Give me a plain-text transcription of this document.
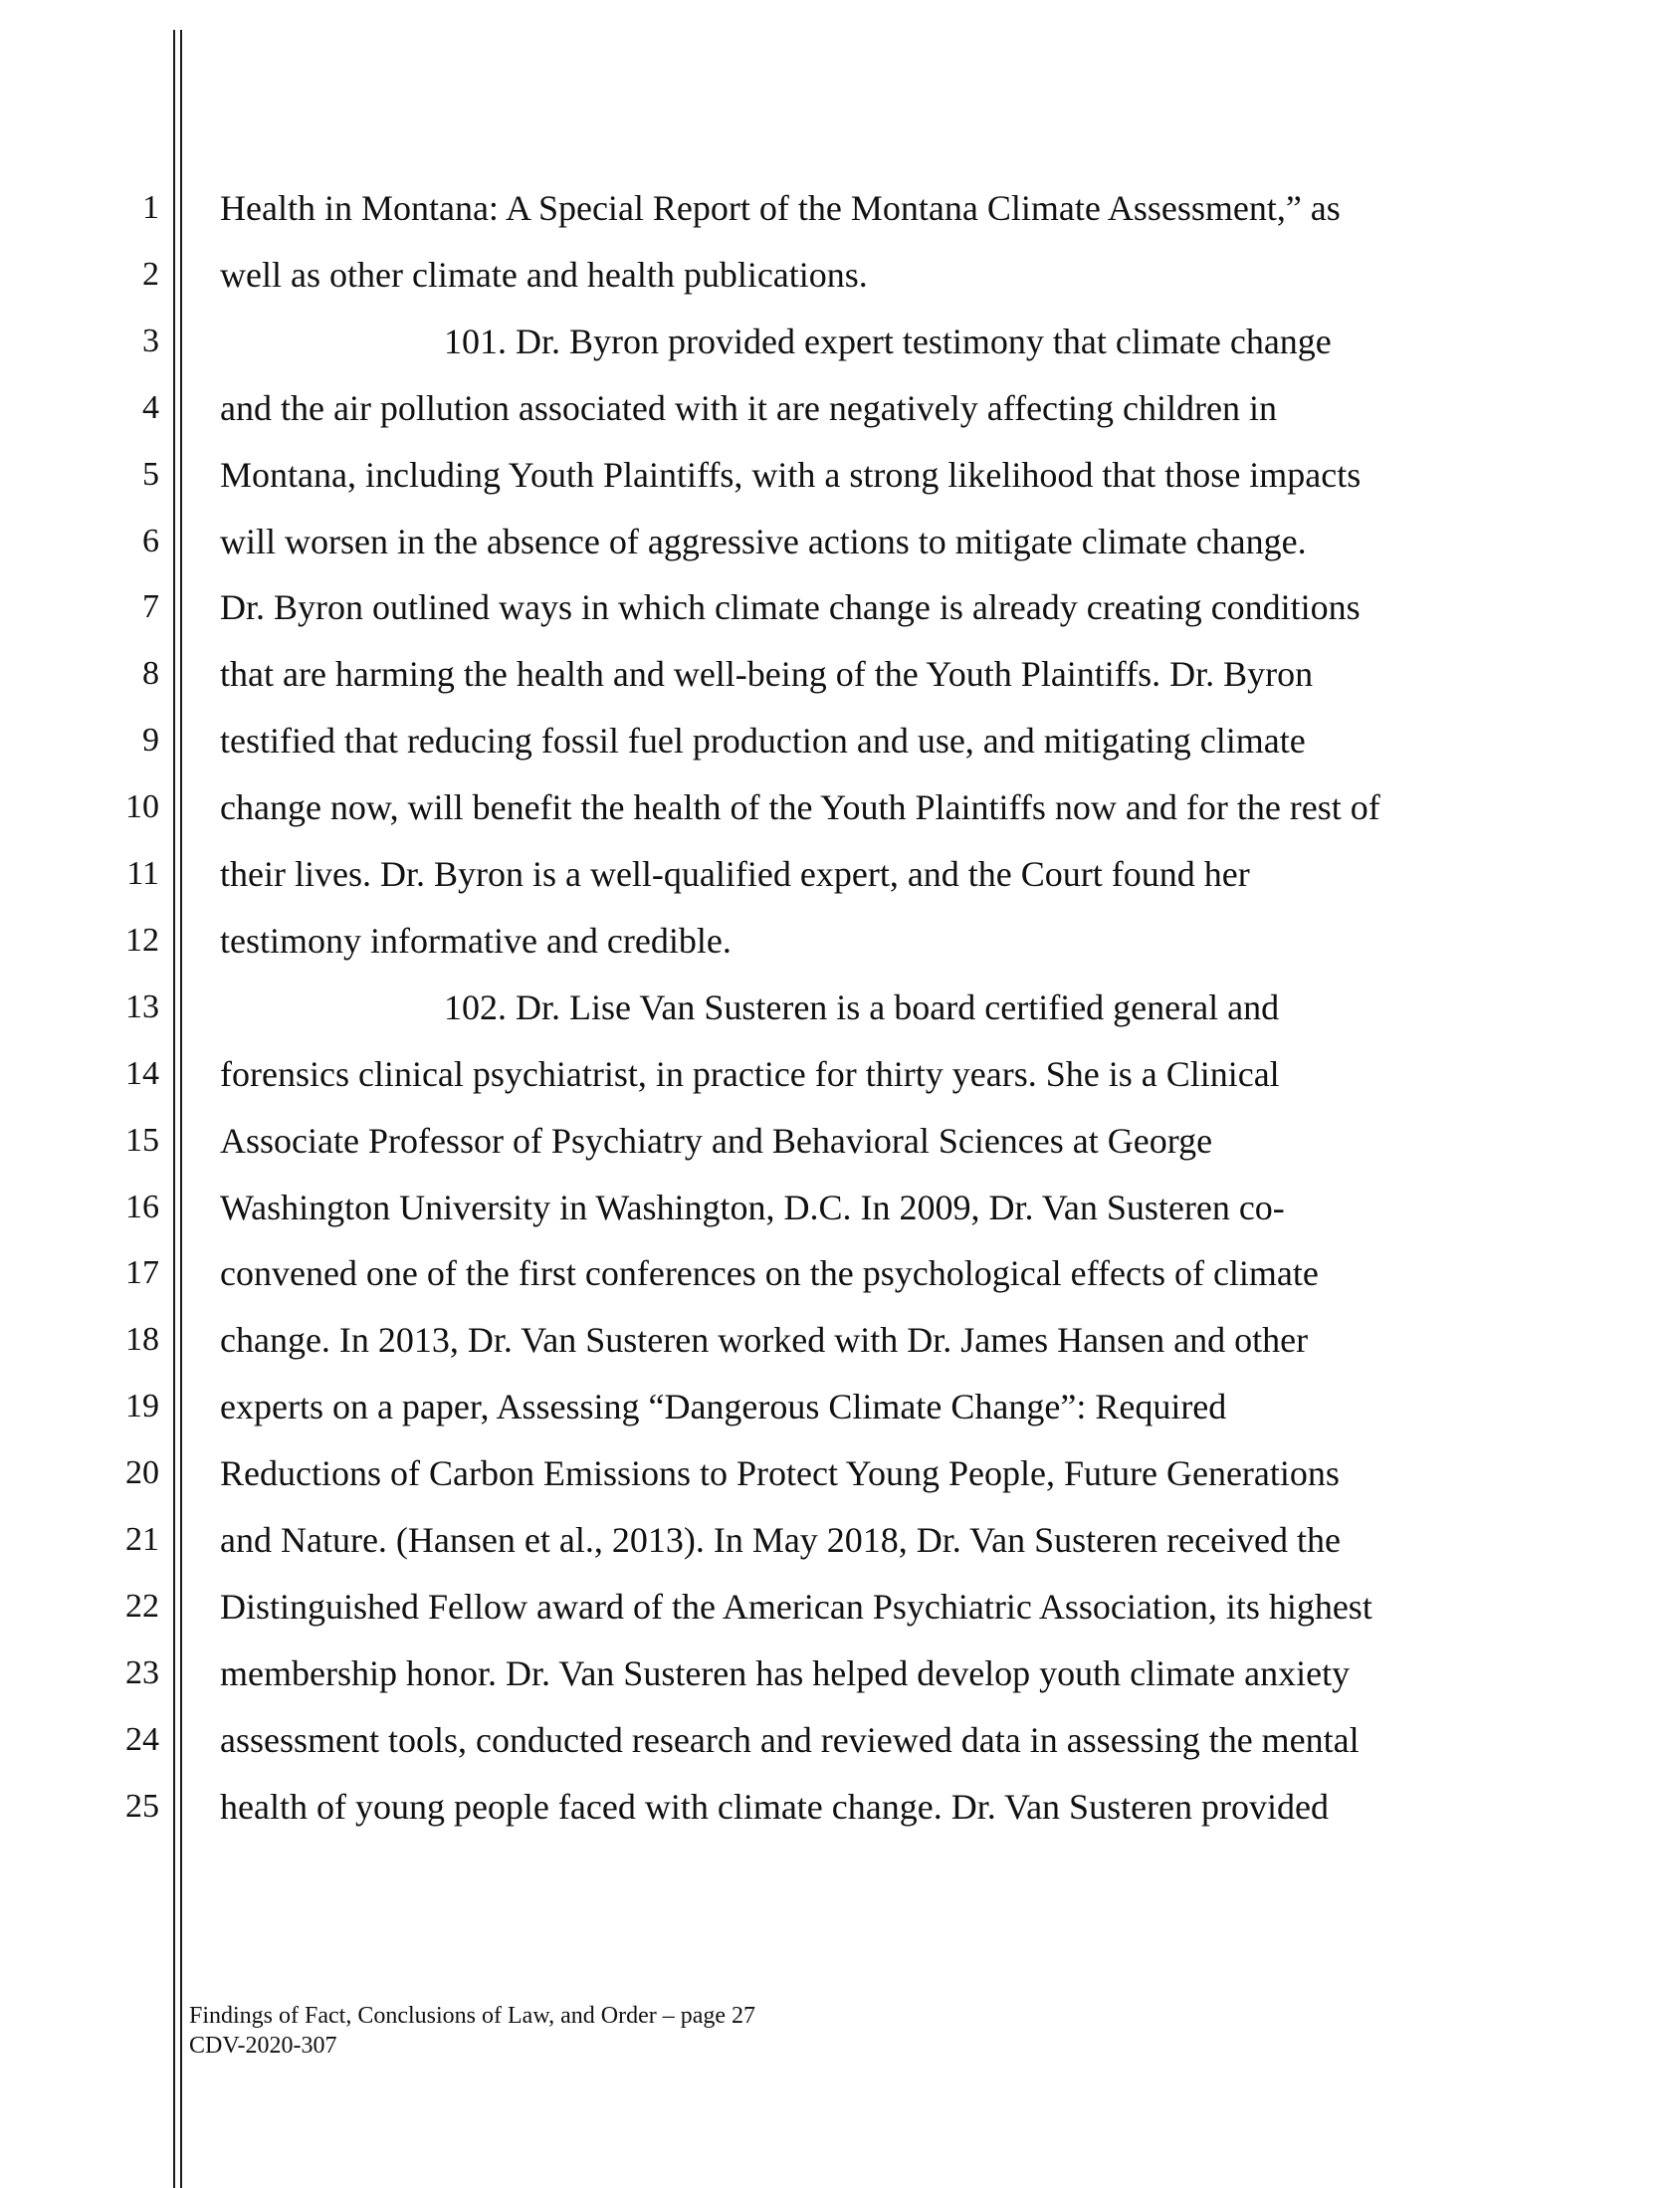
1
2
3
4
5
6
7
8
9
10
11
12
13
14
15
16
17
18
19
20
21
22
23
24
25
Health in Montana: A Special Report of the Montana Climate Assessment,” as
well as other climate and health publications.
101. Dr. Byron provided expert testimony that climate change
and the air pollution associated with it are negatively affecting children in
Montana, including Youth Plaintiffs, with a strong likelihood that those impacts
will worsen in the absence of aggressive actions to mitigate climate change.
Dr. Byron outlined ways in which climate change is already creating conditions
that are harming the health and well-being of the Youth Plaintiffs. Dr. Byron
testified that reducing fossil fuel production and use, and mitigating climate
change now, will benefit the health of the Youth Plaintiffs now and for the rest of
their lives. Dr. Byron is a well-qualified expert, and the Court found her
testimony informative and credible.
102. Dr. Lise Van Susteren is a board certified general and
forensics clinical psychiatrist, in practice for thirty years. She is a Clinical
Associate Professor of Psychiatry and Behavioral Sciences at George
Washington University in Washington, D.C. In 2009, Dr. Van Susteren co-
convened one of the first conferences on the psychological effects of climate
change. In 2013, Dr. Van Susteren worked with Dr. James Hansen and other
experts on a paper, Assessing “Dangerous Climate Change”: Required
Reductions of Carbon Emissions to Protect Young People, Future Generations
and Nature. (Hansen et al., 2013). In May 2018, Dr. Van Susteren received the
Distinguished Fellow award of the American Psychiatric Association, its highest
membership honor. Dr. Van Susteren has helped develop youth climate anxiety
assessment tools, conducted research and reviewed data in assessing the mental
health of young people faced with climate change. Dr. Van Susteren provided
Findings of Fact, Conclusions of Law, and Order – page 27
CDV-2020-307
